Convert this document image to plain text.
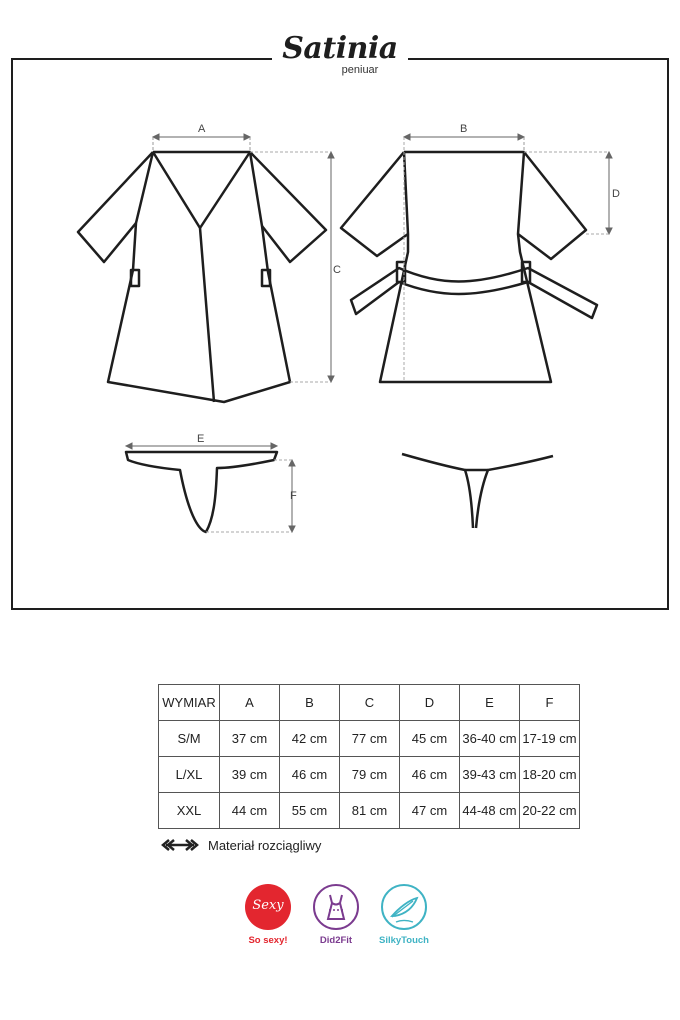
A	B
C
D
E
F
Satinia
peniuar
WYMIAR	A	B	C	D	E	F
S/M	37 cm	42 cm	77 cm	45 cm	36-40 cm	17-19 cm
L/XL	39 cm	46 cm	79 cm	46 cm	39-43 cm	18-20 cm
XXL	44 cm	55 cm	81 cm	47 cm	44-48 cm	20-22 cm
Materiał rozciągliwy
Sexy
So sexy!	Did2Fit	SilkyTouch
